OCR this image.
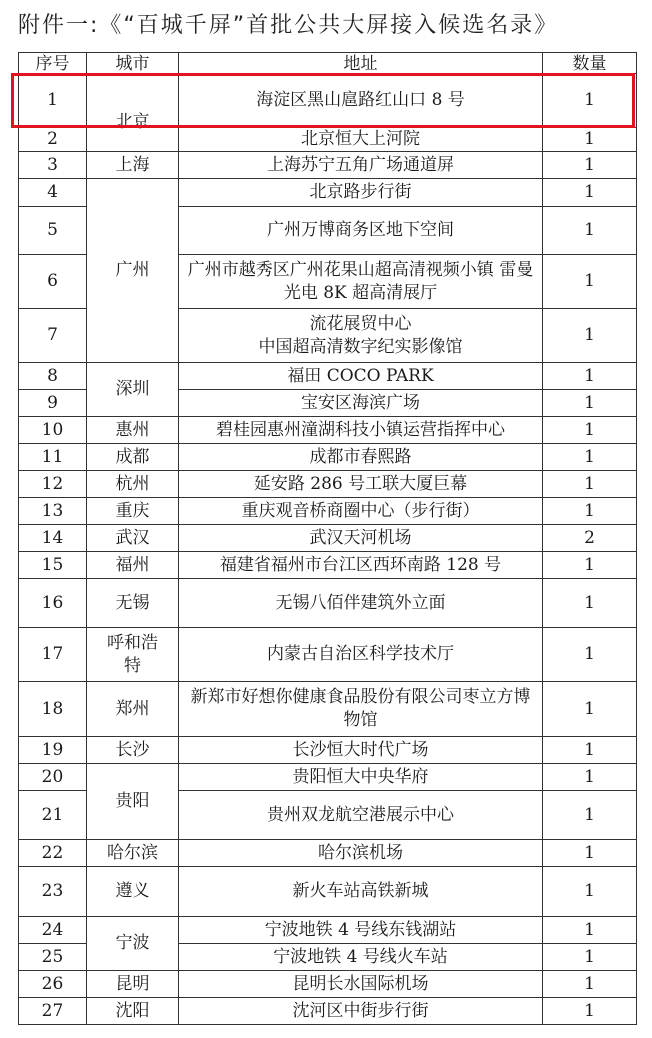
附件一:《“百城千屏”首批公共大屏接入候选名录》
序号	城市	地址	数量
1	北京	海淀区黑山扈路红山口 8 号	1
2		北京恒大上河院	1
3	上海	上海苏宁五角广场通道屏	1
4	广州	北京路步行街	1
5		广州万博商务区地下空间	1
6		广州市越秀区广州花果山超高清视频小镇 雷曼光电 8K 超高清展厅	1
7		流花展贸中心
中国超高清数字纪实影像馆	1
8	深圳	福田 COCO PARK	1
9		宝安区海滨广场	1
10	惠州	碧桂园惠州潼湖科技小镇运营指挥中心	1
11	成都	成都市春熙路	1
12	杭州	延安路 286 号工联大厦巨幕	1
13	重庆	重庆观音桥商圈中心（步行街）	1
14	武汉	武汉天河机场	2
15	福州	福建省福州市台江区西环南路 128 号	1
16	无锡	无锡八佰伴建筑外立面	1
17	呼和浩特	内蒙古自治区科学技术厅	1
18	郑州	新郑市好想你健康食品股份有限公司枣立方博物馆	1
19	长沙	长沙恒大时代广场	1
20	贵阳	贵阳恒大中央华府	1
21		贵州双龙航空港展示中心	1
22	哈尔滨	哈尔滨机场	1
23	遵义	新火车站高铁新城	1
24	宁波	宁波地铁 4 号线东钱湖站	1
25		宁波地铁 4 号线火车站	1
26	昆明	昆明长水国际机场	1
27	沈阳	沈河区中街步行街	1
